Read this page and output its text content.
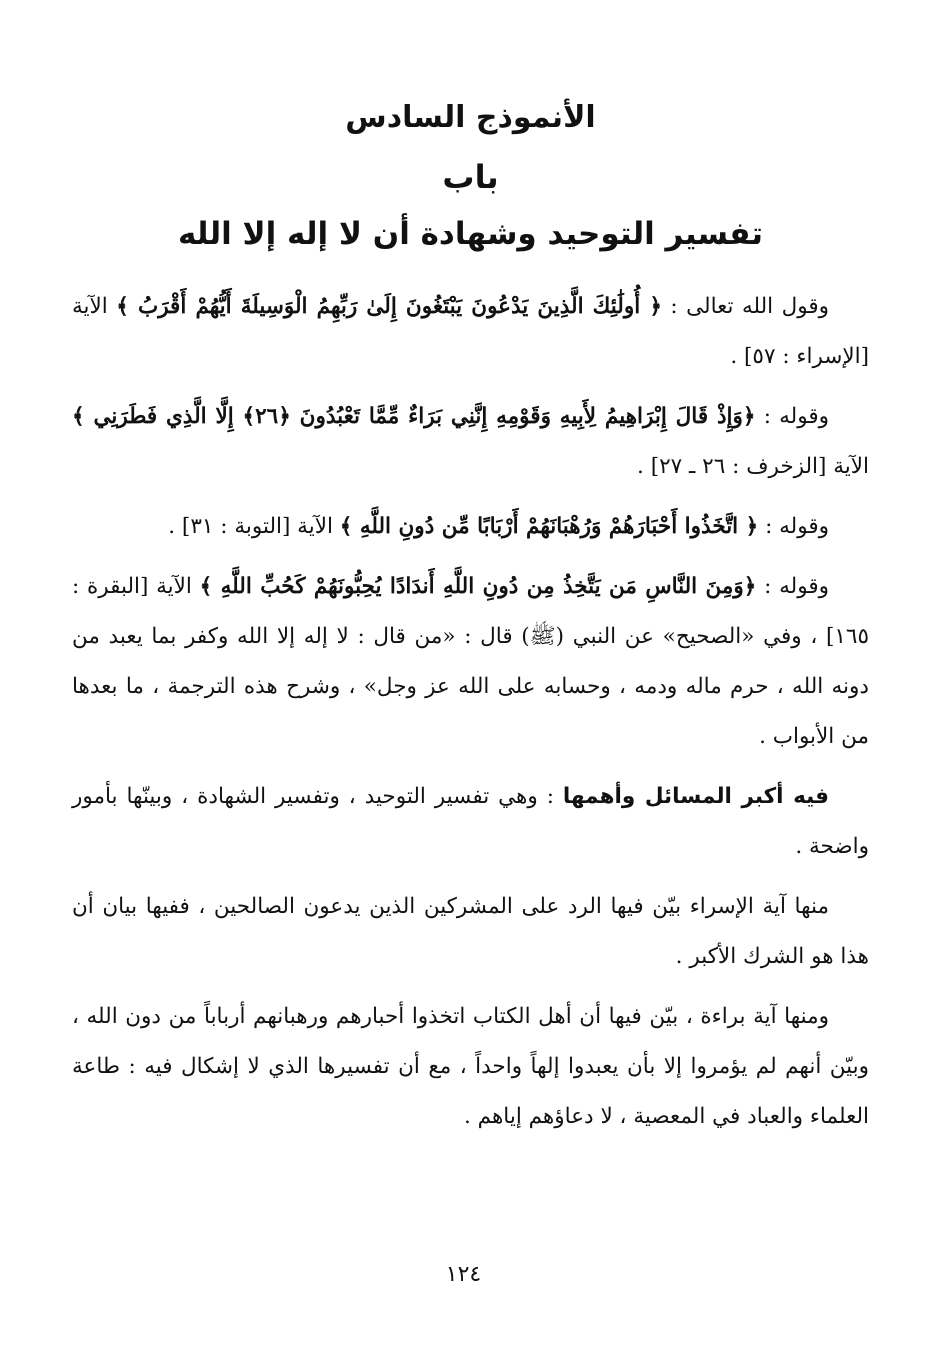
الأنموذج السادس
باب
تفسير التوحيد وشهادة أن لا إله إلا الله

وقول الله تعالى : ﴿ أُولَٰئِكَ الَّذِينَ يَدْعُونَ يَبْتَغُونَ إِلَىٰ رَبِّهِمُ الْوَسِيلَةَ أَيُّهُمْ أَقْرَبُ ﴾ الآية [الإسراء : ٥٧] .

وقوله : ﴿وَإِذْ قَالَ إِبْرَاهِيمُ لِأَبِيهِ وَقَوْمِهِ إِنَّنِي بَرَاءٌ مِّمَّا تَعْبُدُونَ ﴿٢٦﴾ إِلَّا الَّذِي فَطَرَنِي ﴾ الآية [الزخرف : ٢٦ ـ ٢٧] .

وقوله : ﴿ اتَّخَذُوا أَحْبَارَهُمْ وَرُهْبَانَهُمْ أَرْبَابًا مِّن دُونِ اللَّهِ ﴾ الآية [التوبة : ٣١] .

وقوله : ﴿وَمِنَ النَّاسِ مَن يَتَّخِذُ مِن دُونِ اللَّهِ أَندَادًا يُحِبُّونَهُمْ كَحُبِّ اللَّهِ ﴾ الآية [البقرة : ١٦٥] ، وفي «الصحيح» عن النبي (ﷺ) قال : «من قال : لا إله إلا الله وكفر بما يعبد من دونه الله ، حرم ماله ودمه ، وحسابه على الله عز وجل» ، وشرح هذه الترجمة ، ما بعدها من الأبواب .

فيه أكبر المسائل وأهمها : وهي تفسير التوحيد ، وتفسير الشهادة ، وبينّها بأمور واضحة .

منها آية الإسراء بيّن فيها الرد على المشركين الذين يدعون الصالحين ، ففيها بيان أن هذا هو الشرك الأكبر .

ومنها آية براءة ، بيّن فيها أن أهل الكتاب اتخذوا أحبارهم ورهبانهم أرباباً من دون الله ، وبيّن أنهم لم يؤمروا إلا بأن يعبدوا إلهاً واحداً ، مع أن تفسيرها الذي لا إشكال فيه : طاعة العلماء والعباد في المعصية ، لا دعاؤهم إياهم .

١٢٤
